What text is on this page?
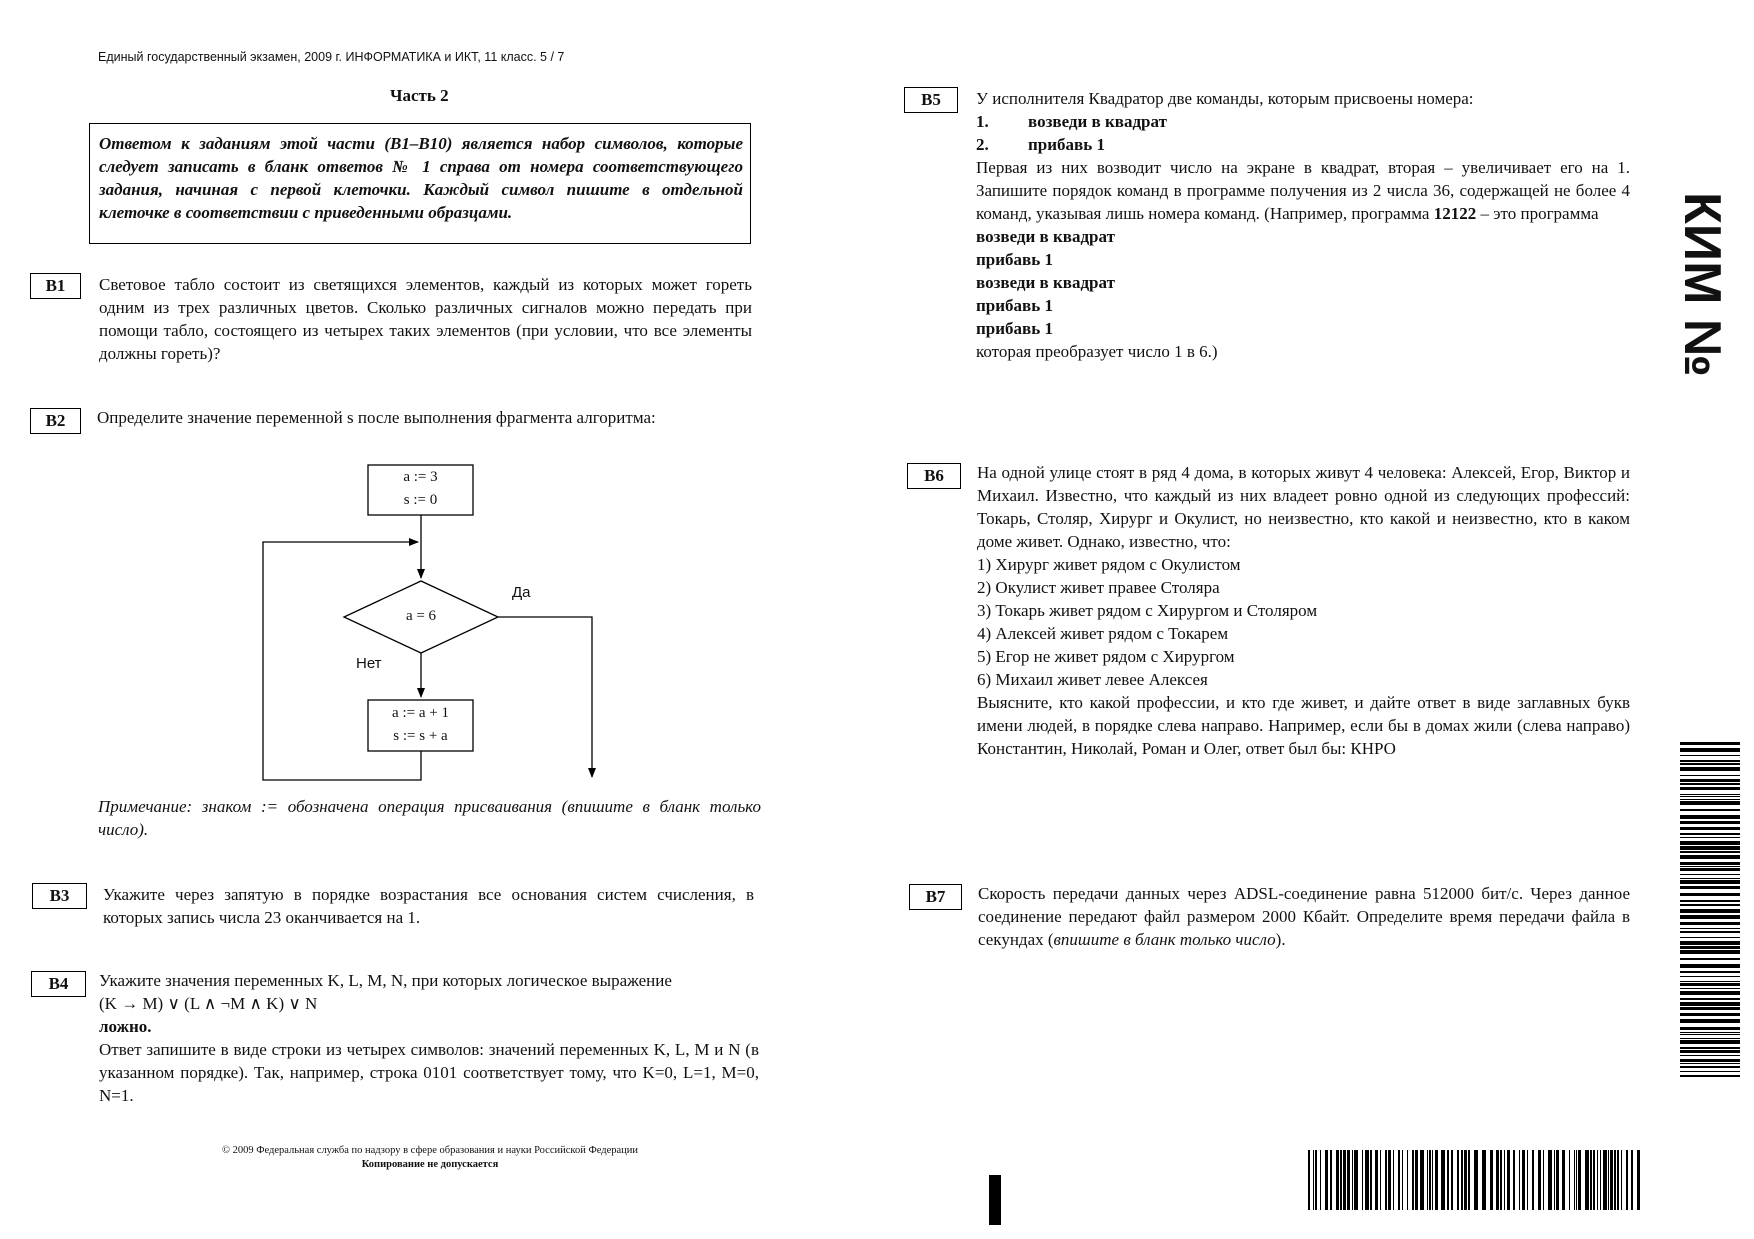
Единый государственный экзамен, 2009 г. ИНФОРМАТИКА и ИКТ, 11 класс. 5 / 7
Часть 2
Ответом к заданиям этой части (В1–В10) является набор символов, которые следует записать в бланк ответов № 1 справа от номера соответствующего задания, начиная с первой клеточки. Каждый символ пишите в отдельной клеточке в соответствии с приведенными образцами.
B1	Световое табло состоит из светящихся элементов, каждый из которых может гореть одним из трех различных цветов. Сколько различных сигналов можно передать при помощи табло, состоящего из четырех таких элементов (при условии, что все элементы должны гореть)?
B2	Определите значение переменной s после выполнения фрагмента алгоритма:
a := 3
s := 0
a = 6
Да
Нет
a := a + 1
s := s + a
Примечание: знаком := обозначена операция присваивания (впишите в бланк только число).
B3	Укажите через запятую в порядке возрастания все основания систем счисления, в которых запись числа 23 оканчивается на 1.
B4	Укажите значения переменных K, L, M, N, при которых логическое выражение
(K → M) ∨ (L ∧ ¬M ∧ K) ∨ N
ложно.
Ответ запишите в виде строки из четырех символов: значений переменных K, L, M и N (в указанном порядке). Так, например, строка 0101 соответствует тому, что K=0, L=1, M=0, N=1.
© 2009 Федеральная служба по надзору в сфере образования и науки Российской Федерации
Копирование не допускается
B5	У исполнителя Квадратор две команды, которым присвоены номера:
1. возведи в квадрат
2. прибавь 1
Первая из них возводит число на экране в квадрат, вторая – увеличивает его на 1. Запишите порядок команд в программе получения из 2 числа 36, содержащей не более 4 команд, указывая лишь номера команд. (Например, программа 12122 – это программа
возведи в квадрат
прибавь 1
возведи в квадрат
прибавь 1
прибавь 1
которая преобразует число 1 в 6.)
B6	На одной улице стоят в ряд 4 дома, в которых живут 4 человека: Алексей, Егор, Виктор и Михаил. Известно, что каждый из них владеет ровно одной из следующих профессий: Токарь, Столяр, Хирург и Окулист, но неизвестно, кто какой и неизвестно, кто в каком доме живет. Однако, известно, что:
1) Хирург живет рядом с Окулистом
2) Окулист живет правее Столяра
3) Токарь живет рядом с Хирургом и Столяром
4) Алексей живет рядом с Токарем
5) Егор не живет рядом с Хирургом
6) Михаил живет левее Алексея
Выясните, кто какой профессии, и кто где живет, и дайте ответ в виде заглавных букв имени людей, в порядке слева направо. Например, если бы в домах жили (слева направо) Константин, Николай, Роман и Олег, ответ был бы: КНРО
B7	Скорость передачи данных через ADSL-соединение равна 512000 бит/c. Через данное соединение передают файл размером 2000 Кбайт. Определите время передачи файла в секундах (впишите в бланк только число).
КИМ №
